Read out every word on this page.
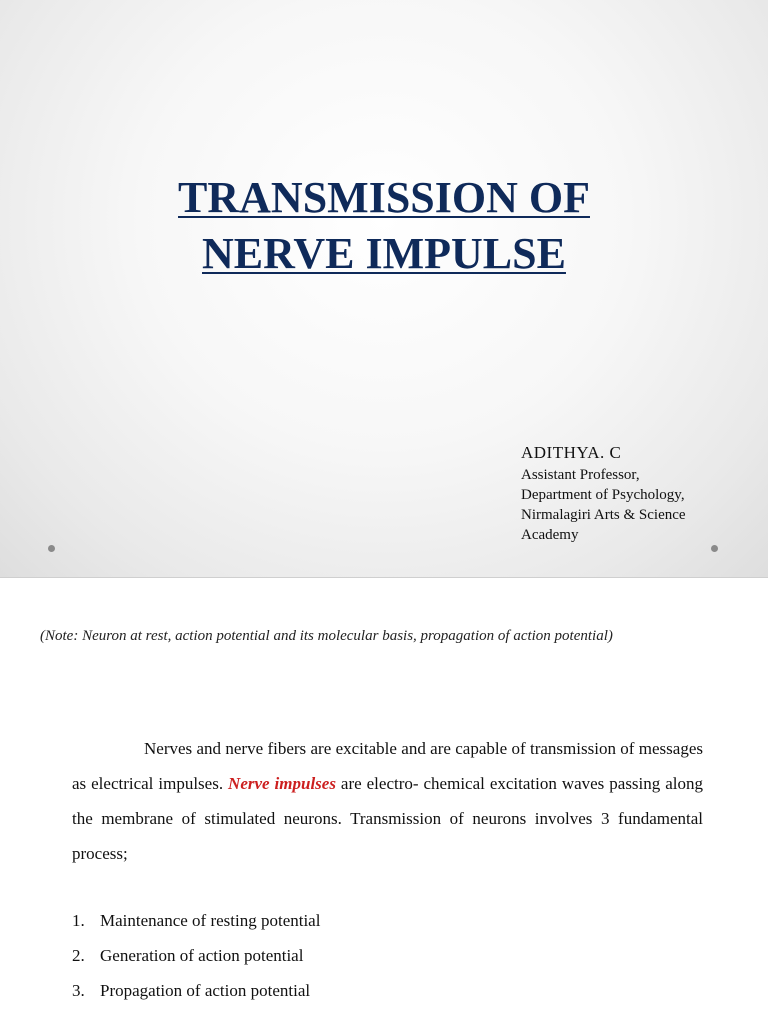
TRANSMISSION OF
NERVE IMPULSE
ADITHYA. C
Assistant Professor,
Department of Psychology,
Nirmalagiri Arts & Science
Academy
(Note: Neuron at rest, action potential and its molecular basis, propagation of action potential)
Nerves and nerve fibers are excitable and are capable of transmission of messages as electrical impulses. Nerve impulses are electro- chemical excitation waves passing along the membrane of stimulated neurons. Transmission of neurons involves 3 fundamental process;
1. Maintenance of resting potential
2. Generation of action potential
3. Propagation of action potential
